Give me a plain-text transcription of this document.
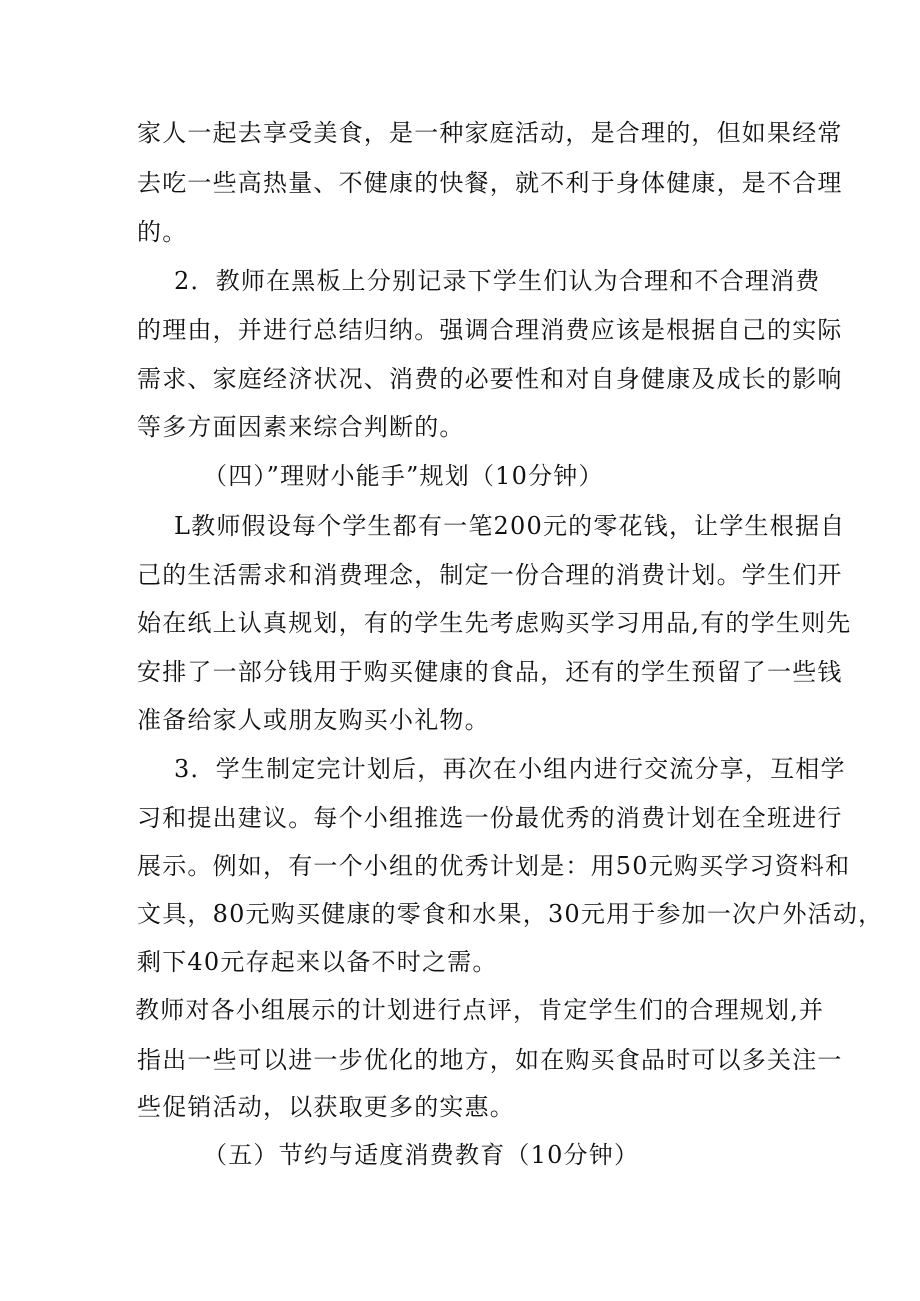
家人一起去享受美食，是一种家庭活动，是合理的，但如果经常
去吃一些高热量、不健康的快餐，就不利于身体健康，是不合理
的。
2．教师在黑板上分别记录下学生们认为合理和不合理消费
的理由，并进行总结归纳。强调合理消费应该是根据自己的实际
需求、家庭经济状况、消费的必要性和对自身健康及成长的影响
等多方面因素来综合判断的。
（四）”理财小能手”规划（10分钟）
L教师假设每个学生都有一笔200元的零花钱，让学生根据自
己的生活需求和消费理念，制定一份合理的消费计划。学生们开
始在纸上认真规划，有的学生先考虑购买学习用品,有的学生则先
安排了一部分钱用于购买健康的食品，还有的学生预留了一些钱
准备给家人或朋友购买小礼物。
3．学生制定完计划后，再次在小组内进行交流分享，互相学
习和提出建议。每个小组推选一份最优秀的消费计划在全班进行
展示。例如，有一个小组的优秀计划是：用50元购买学习资料和
文具，80元购买健康的零食和水果，30元用于参加一次户外活动，
剩下40元存起来以备不时之需。
教师对各小组展示的计划进行点评，肯定学生们的合理规划,并
指出一些可以进一步优化的地方，如在购买食品时可以多关注一
些促销活动，以获取更多的实惠。
（五）节约与适度消费教育（10分钟）
